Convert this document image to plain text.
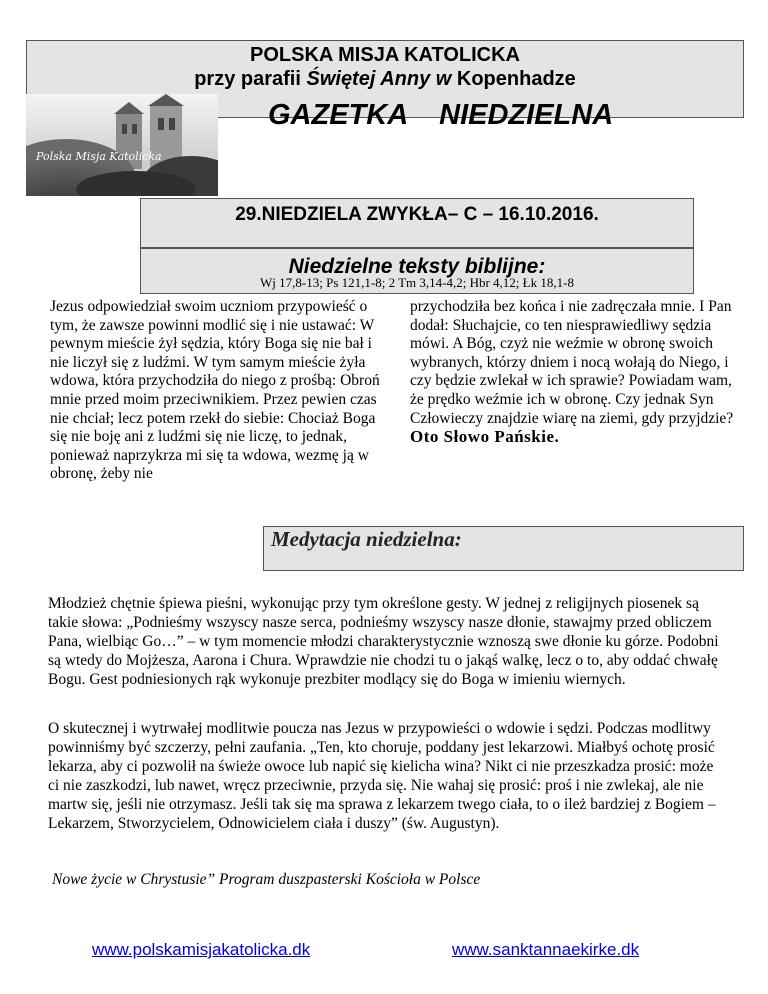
POLSKA MISJA KATOLICKA
przy parafii Świętej Anny w Kopenhadze
GAZETKA NIEDZIELNA
Polska Misja Katolicka
29.NIEDZIELA ZWYKŁA– C – 16.10.2016.
Niedzielne teksty biblijne:
Wj 17,8-13; Ps 121,1-8; 2 Tm 3,14-4,2; Hbr 4,12; Łk 18,1-8
Jezus odpowiedział swoim uczniom przypowieść o tym, że zawsze powinni modlić się i nie ustawać: W pewnym mieście żył sędzia, który Boga się nie bał i nie liczył się z ludźmi. W tym samym mieście żyła wdowa, która przychodziła do niego z prośbą: Obroń mnie przed moim przeciwnikiem. Przez pewien czas nie chciał; lecz potem rzekł do siebie: Chociaż Boga się nie boję ani z ludźmi się nie liczę, to jednak, ponieważ naprzykrza mi się ta wdowa, wezmę ją w obronę, żeby nie
przychodziła bez końca i nie zadręczała mnie. I Pan dodał: Słuchajcie, co ten niesprawiedliwy sędzia mówi. A Bóg, czyż nie weźmie w obronę swoich wybranych, którzy dniem i nocą wołają do Niego, i czy będzie zwlekał w ich sprawie? Powiadam wam, że prędko weźmie ich w obronę. Czy jednak Syn Człowieczy znajdzie wiarę na ziemi, gdy przyjdzie? Oto Słowo Pańskie.
Medytacja niedzielna:
Młodzież chętnie śpiewa pieśni, wykonując przy tym określone gesty. W jednej z religijnych piosenek są takie słowa: „Podnieśmy wszyscy nasze serca, podnieśmy wszyscy nasze dłonie, stawajmy przed obliczem Pana, wielbiąc Go…” – w tym momencie młodzi charakterystycznie wznoszą swe dłonie ku górze. Podobni są wtedy do Mojżesza, Aarona i Chura. Wprawdzie nie chodzi tu o jakąś walkę, lecz o to, aby oddać chwałę Bogu. Gest podniesionych rąk wykonuje prezbiter modlący się do Boga w imieniu wiernych.
O skutecznej i wytrwałej modlitwie poucza nas Jezus w przypowieści o wdowie i sędzi. Podczas modlitwy powinniśmy być szczerzy, pełni zaufania. „Ten, kto choruje, poddany jest lekarzowi. Miałbyś ochotę prosić lekarza, aby ci pozwolił na świeże owoce lub napić się kielicha wina? Nikt ci nie przeszkadza prosić: może ci nie zaszkodzi, lub nawet, wręcz przeciwnie, przyda się. Nie wahaj się prosić: proś i nie zwlekaj, ale nie martw się, jeśli nie otrzymasz. Jeśli tak się ma sprawa z lekarzem twego ciała, to o ileż bardziej z Bogiem – Lekarzem, Stworzycielem, Odnowicielem ciała i duszy” (św. Augustyn).
Nowe życie w Chrystusie” Program duszpasterski Kościoła w Polsce
www.polskamisjakatolicka.dk	www.sanktannaekirke.dk
